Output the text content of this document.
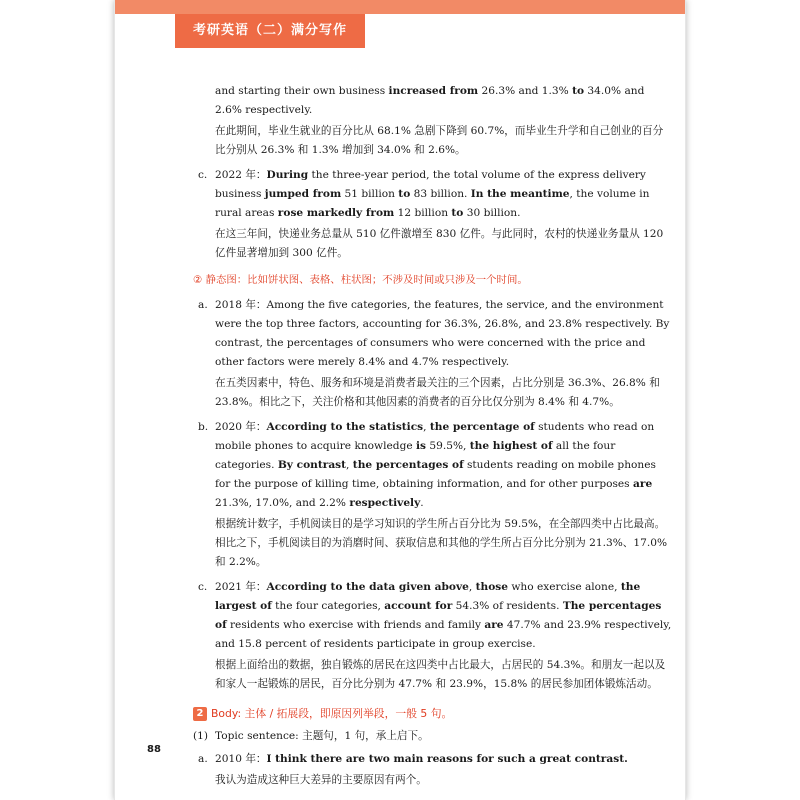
考研英语（二）满分写作

and starting their own business increased from 26.3% and 1.3% to 34.0% and 2.6% respectively.

在此期间，毕业生就业的百分比从 68.1% 急剧下降到 60.7%，而毕业生升学和自己创业的百分比分别从 26.3% 和 1.3% 增加到 34.0% 和 2.6%。

c. 2022 年：During the three-year period, the total volume of the express delivery business jumped from 51 billion to 83 billion. In the meantime, the volume in rural areas rose markedly from 12 billion to 30 billion.

在这三年间，快递业务总量从 510 亿件激增至 830 亿件。与此同时，农村的快递业务量从 120 亿件显著增加到 300 亿件。

② 静态图：比如饼状图、表格、柱状图；不涉及时间或只涉及一个时间。

a. 2018 年：Among the five categories, the features, the service, and the environment were the top three factors, accounting for 36.3%, 26.8%, and 23.8% respectively. By contrast, the percentages of consumers who were concerned with the price and other factors were merely 8.4% and 4.7% respectively.

在五类因素中，特色、服务和环境是消费者最关注的三个因素，占比分别是 36.3%、26.8% 和 23.8%。相比之下，关注价格和其他因素的消费者的百分比仅分别为 8.4% 和 4.7%。

b. 2020 年：According to the statistics, the percentage of students who read on mobile phones to acquire knowledge is 59.5%, the highest of all the four categories. By contrast, the percentages of students reading on mobile phones for the purpose of killing time, obtaining information, and for other purposes are 21.3%, 17.0%, and 2.2% respectively.

根据统计数字，手机阅读目的是学习知识的学生所占百分比为 59.5%，在全部四类中占比最高。相比之下，手机阅读目的为消磨时间、获取信息和其他的学生所占百分比分别为 21.3%、17.0% 和 2.2%。

c. 2021 年：According to the data given above, those who exercise alone, the largest of the four categories, account for 54.3% of residents. The percentages of residents who exercise with friends and family are 47.7% and 23.9% respectively, and 15.8 percent of residents participate in group exercise.

根据上面给出的数据，独自锻炼的居民在这四类中占比最大，占居民的 54.3%。和朋友一起以及和家人一起锻炼的居民，百分比分别为 47.7% 和 23.9%，15.8% 的居民参加团体锻炼活动。

2 Body: 主体 / 拓展段，即原因列举段，一般 5 句。
(1) Topic sentence: 主题句，1 句，承上启下。

a. 2010 年：I think there are two main reasons for such a great contrast.

我认为造成这种巨大差异的主要原因有两个。

88
